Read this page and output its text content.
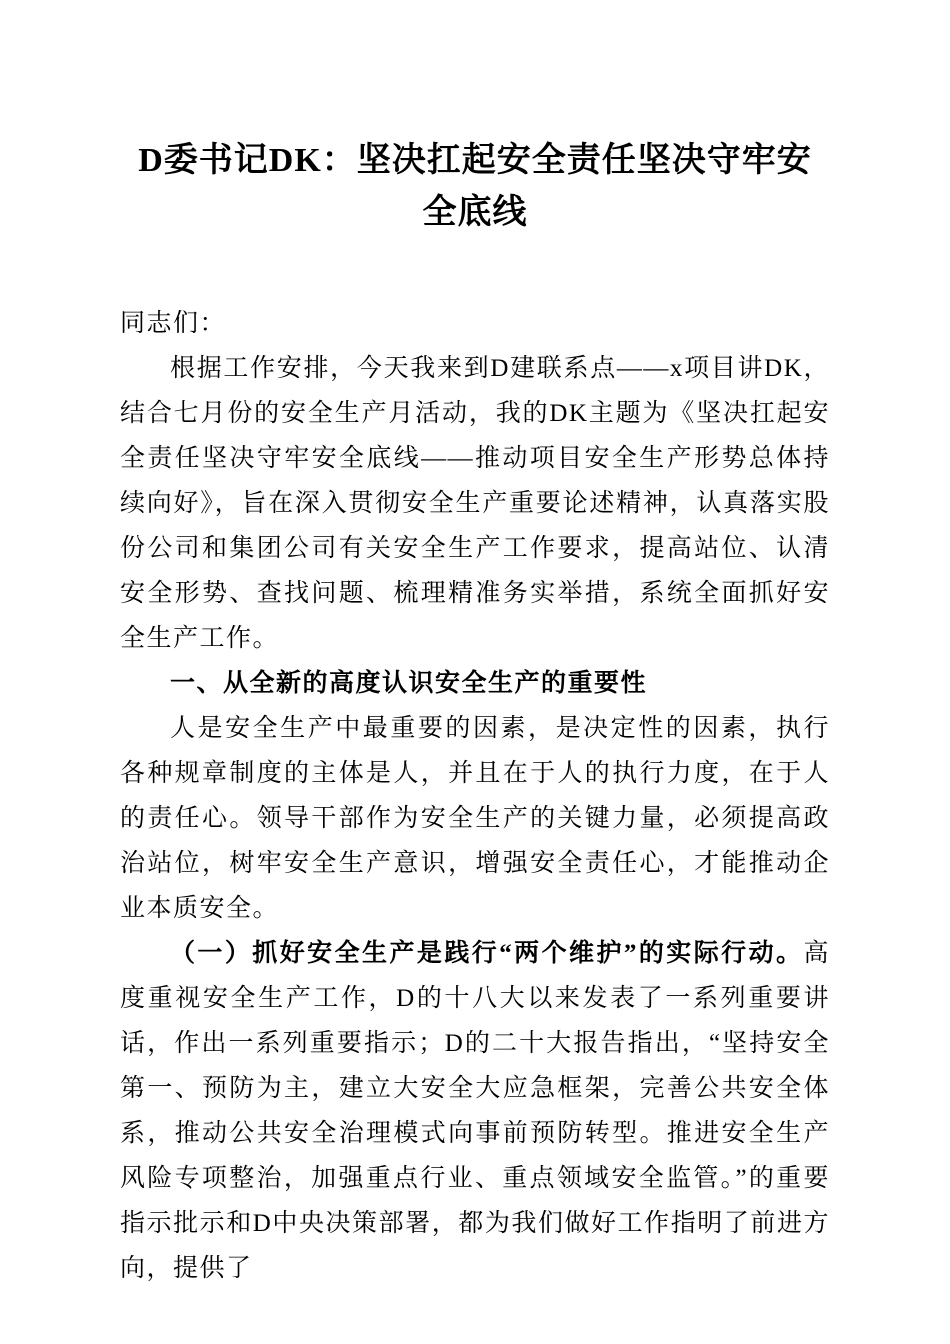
D委书记DK：坚决扛起安全责任坚决守牢安全底线

同志们：

根据工作安排，今天我来到D建联系点——x项目讲DK，结合七月份的安全生产月活动，我的DK主题为《坚决扛起安全责任坚决守牢安全底线——推动项目安全生产形势总体持续向好》，旨在深入贯彻安全生产重要论述精神，认真落实股份公司和集团公司有关安全生产工作要求，提高站位、认清安全形势、查找问题、梳理精准务实举措，系统全面抓好安全生产工作。

一、从全新的高度认识安全生产的重要性

人是安全生产中最重要的因素，是决定性的因素，执行各种规章制度的主体是人，并且在于人的执行力度，在于人的责任心。领导干部作为安全生产的关键力量，必须提高政治站位，树牢安全生产意识，增强安全责任心，才能推动企业本质安全。

（一）抓好安全生产是践行“两个维护”的实际行动。高度重视安全生产工作，D的十八大以来发表了一系列重要讲话，作出一系列重要指示；D的二十大报告指出，“坚持安全第一、预防为主，建立大安全大应急框架，完善公共安全体系，推动公共安全治理模式向事前预防转型。推进安全生产风险专项整治，加强重点行业、重点领域安全监管。”的重要指示批示和D中央决策部署，都为我们做好工作指明了前进方向，提供了
